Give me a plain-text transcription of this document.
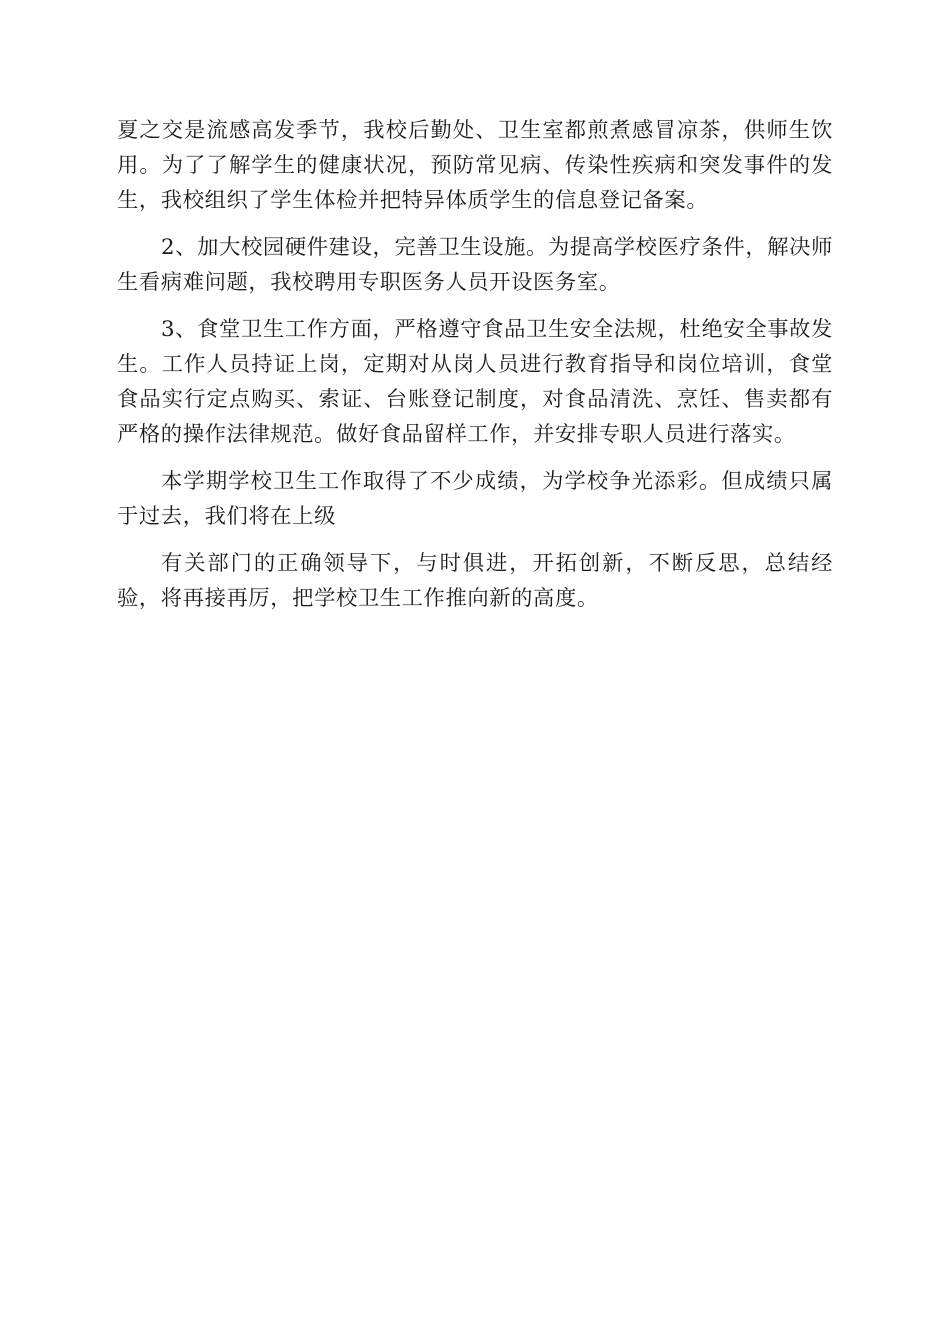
夏之交是流感高发季节，我校后勤处、卫生室都煎煮感冒凉茶，供师生饮用。为了了解学生的健康状况，预防常见病、传染性疾病和突发事件的发生，我校组织了学生体检并把特异体质学生的信息登记备案。

2、加大校园硬件建设，完善卫生设施。为提高学校医疗条件，解决师生看病难问题，我校聘用专职医务人员开设医务室。

3、食堂卫生工作方面，严格遵守食品卫生安全法规，杜绝安全事故发生。工作人员持证上岗，定期对从岗人员进行教育指导和岗位培训，食堂食品实行定点购买、索证、台账登记制度，对食品清洗、烹饪、售卖都有严格的操作法律规范。做好食品留样工作，并安排专职人员进行落实。

本学期学校卫生工作取得了不少成绩，为学校争光添彩。但成绩只属于过去，我们将在上级

有关部门的正确领导下，与时俱进，开拓创新，不断反思，总结经验，将再接再厉，把学校卫生工作推向新的高度。
